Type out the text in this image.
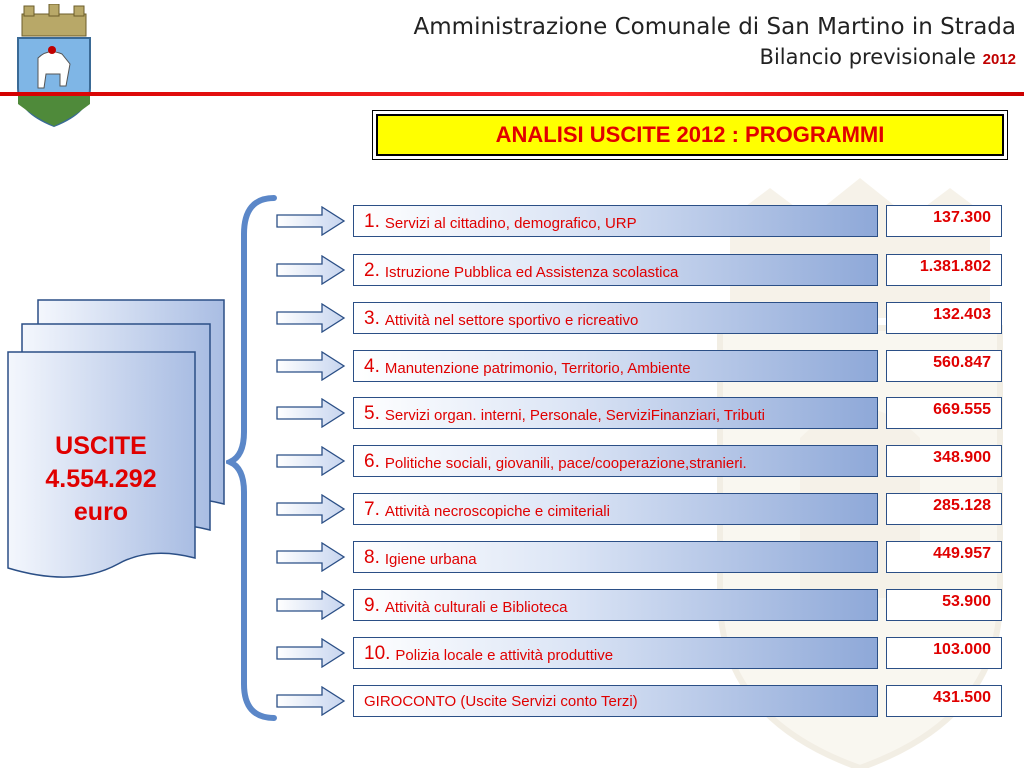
Amministrazione Comunale di San Martino in Strada
Bilancio previsionale 2012
ANALISI USCITE 2012 : PROGRAMMI
USCITE
4.554.292
euro
1. Servizi al cittadino, demografico, URP	137.300
2. Istruzione Pubblica ed Assistenza scolastica	1.381.802
3. Attività nel settore sportivo e ricreativo	132.403
4. Manutenzione patrimonio, Territorio, Ambiente	560.847
5. Servizi organ. interni, Personale, ServiziFinanziari, Tributi	669.555
6. Politiche sociali, giovanili, pace/cooperazione,stranieri.	348.900
7. Attività necroscopiche e cimiteriali	285.128
8. Igiene urbana	449.957
9. Attività culturali e Biblioteca	53.900
10. Polizia locale e attività produttive	103.000
GIROCONTO (Uscite Servizi conto Terzi)	431.500
